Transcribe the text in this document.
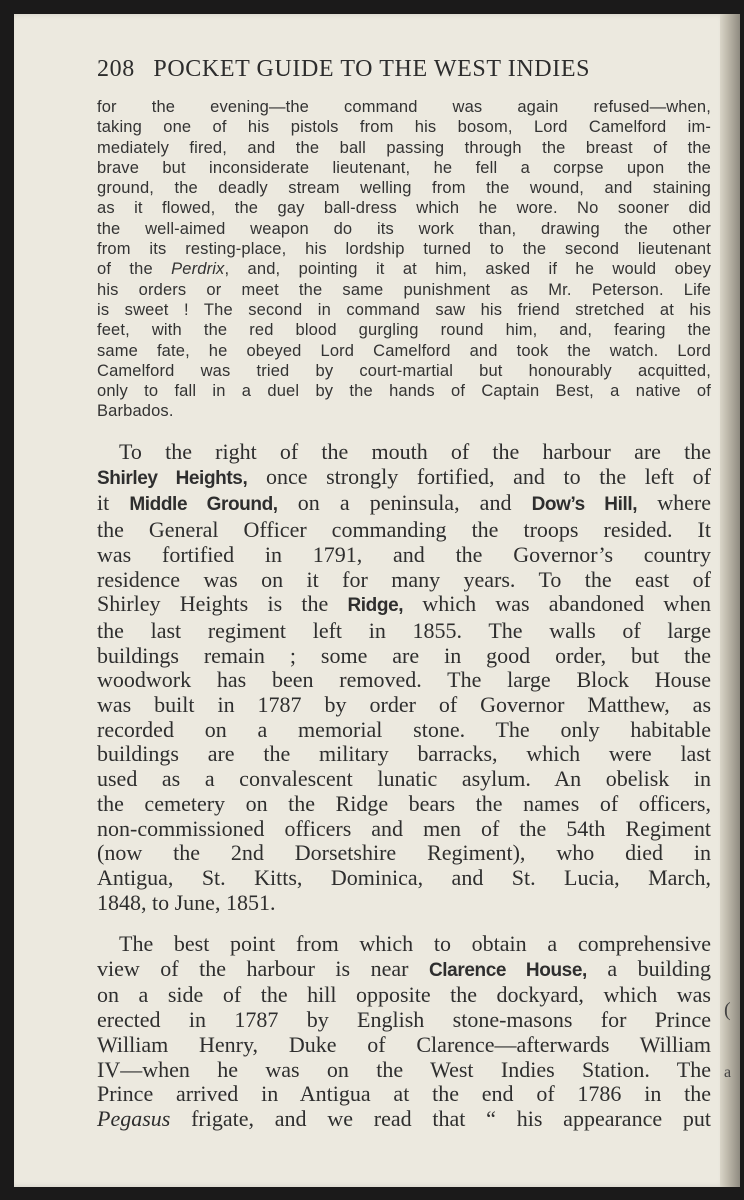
(
a
208 POCKET GUIDE TO THE WEST INDIES
for the evening—the command was again refused—when,
taking one of his pistols from his bosom, Lord Camelford im-
mediately fired, and the ball passing through the breast of the
brave but inconsiderate lieutenant, he fell a corpse upon the
ground, the deadly stream welling from the wound, and staining
as it flowed, the gay ball-dress which he wore. No sooner did
the well-aimed weapon do its work than, drawing the other
from its resting-place, his lordship turned to the second lieutenant
of the Perdrix, and, pointing it at him, asked if he would obey
his orders or meet the same punishment as Mr. Peterson. Life
is sweet ! The second in command saw his friend stretched at his
feet, with the red blood gurgling round him, and, fearing the
same fate, he obeyed Lord Camelford and took the watch. Lord
Camelford was tried by court-martial but honourably acquitted,
only to fall in a duel by the hands of Captain Best, a native of
Barbados.
To the right of the mouth of the harbour are the
Shirley Heights, once strongly fortified, and to the left of
it Middle Ground, on a peninsula, and Dow’s Hill, where
the General Officer commanding the troops resided. It
was fortified in 1791, and the Governor’s country
residence was on it for many years. To the east of
Shirley Heights is the Ridge, which was abandoned when
the last regiment left in 1855. The walls of large
buildings remain ; some are in good order, but the
woodwork has been removed. The large Block House
was built in 1787 by order of Governor Matthew, as
recorded on a memorial stone. The only habitable
buildings are the military barracks, which were last
used as a convalescent lunatic asylum. An obelisk in
the cemetery on the Ridge bears the names of officers,
non-commissioned officers and men of the 54th Regiment
(now the 2nd Dorsetshire Regiment), who died in
Antigua, St. Kitts, Dominica, and St. Lucia, March,
1848, to June, 1851.
The best point from which to obtain a comprehensive
view of the harbour is near Clarence House, a building
on a side of the hill opposite the dockyard, which was
erected in 1787 by English stone-masons for Prince
William Henry, Duke of Clarence—afterwards William
IV—when he was on the West Indies Station. The
Prince arrived in Antigua at the end of 1786 in the
Pegasus frigate, and we read that “ his appearance put
